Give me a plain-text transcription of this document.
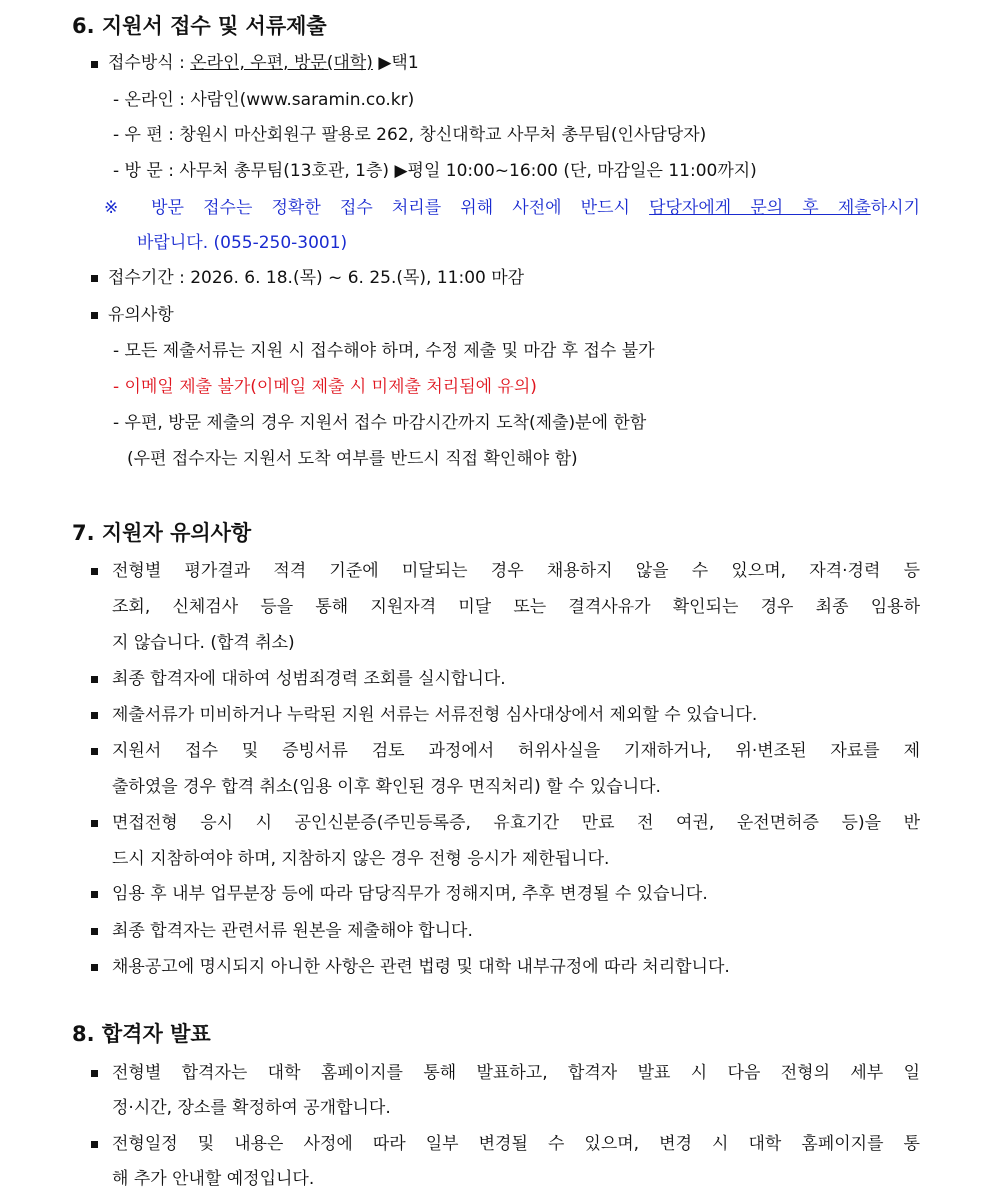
6. 지원서 접수 및 서류제출
접수방식 : 온라인, 우편, 방문(대학) ▶택1
- 온라인 : 사람인(www.saramin.co.kr)
- 우 편 : 창원시 마산회원구 팔용로 262, 창신대학교 사무처 총무팀(인사담당자)
- 방 문 : 사무처 총무팀(13호관, 1층) ▶평일 10:00~16:00 (단, 마감일은 11:00까지)
※ 방문 접수는 정확한 접수 처리를 위해 사전에 반드시 담당자에게 문의 후 제출하시기
바랍니다. (055-250-3001)
접수기간 : 2026. 6. 18.(목) ~ 6. 25.(목), 11:00 마감
유의사항
- 모든 제출서류는 지원 시 접수해야 하며, 수정 제출 및 마감 후 접수 불가
- 이메일 제출 불가(이메일 제출 시 미제출 처리됨에 유의)
- 우편, 방문 제출의 경우 지원서 접수 마감시간까지 도착(제출)분에 한함
(우편 접수자는 지원서 도착 여부를 반드시 직접 확인해야 함)
7. 지원자 유의사항
전형별 평가결과 적격 기준에 미달되는 경우 채용하지 않을 수 있으며, 자격·경력 등
조회, 신체검사 등을 통해 지원자격 미달 또는 결격사유가 확인되는 경우 최종 임용하
지 않습니다. (합격 취소)
최종 합격자에 대하여 성범죄경력 조회를 실시합니다.
제출서류가 미비하거나 누락된 지원 서류는 서류전형 심사대상에서 제외할 수 있습니다.
지원서 접수 및 증빙서류 검토 과정에서 허위사실을 기재하거나, 위·변조된 자료를 제
출하였을 경우 합격 취소(임용 이후 확인된 경우 면직처리) 할 수 있습니다.
면접전형 응시 시 공인신분증(주민등록증, 유효기간 만료 전 여권, 운전면허증 등)을 반
드시 지참하여야 하며, 지참하지 않은 경우 전형 응시가 제한됩니다.
임용 후 내부 업무분장 등에 따라 담당직무가 정해지며, 추후 변경될 수 있습니다.
최종 합격자는 관련서류 원본을 제출해야 합니다.
채용공고에 명시되지 아니한 사항은 관련 법령 및 대학 내부규정에 따라 처리합니다.
8. 합격자 발표
전형별 합격자는 대학 홈페이지를 통해 발표하고, 합격자 발표 시 다음 전형의 세부 일
정·시간, 장소를 확정하여 공개합니다.
전형일정 및 내용은 사정에 따라 일부 변경될 수 있으며, 변경 시 대학 홈페이지를 통
해 추가 안내할 예정입니다.
